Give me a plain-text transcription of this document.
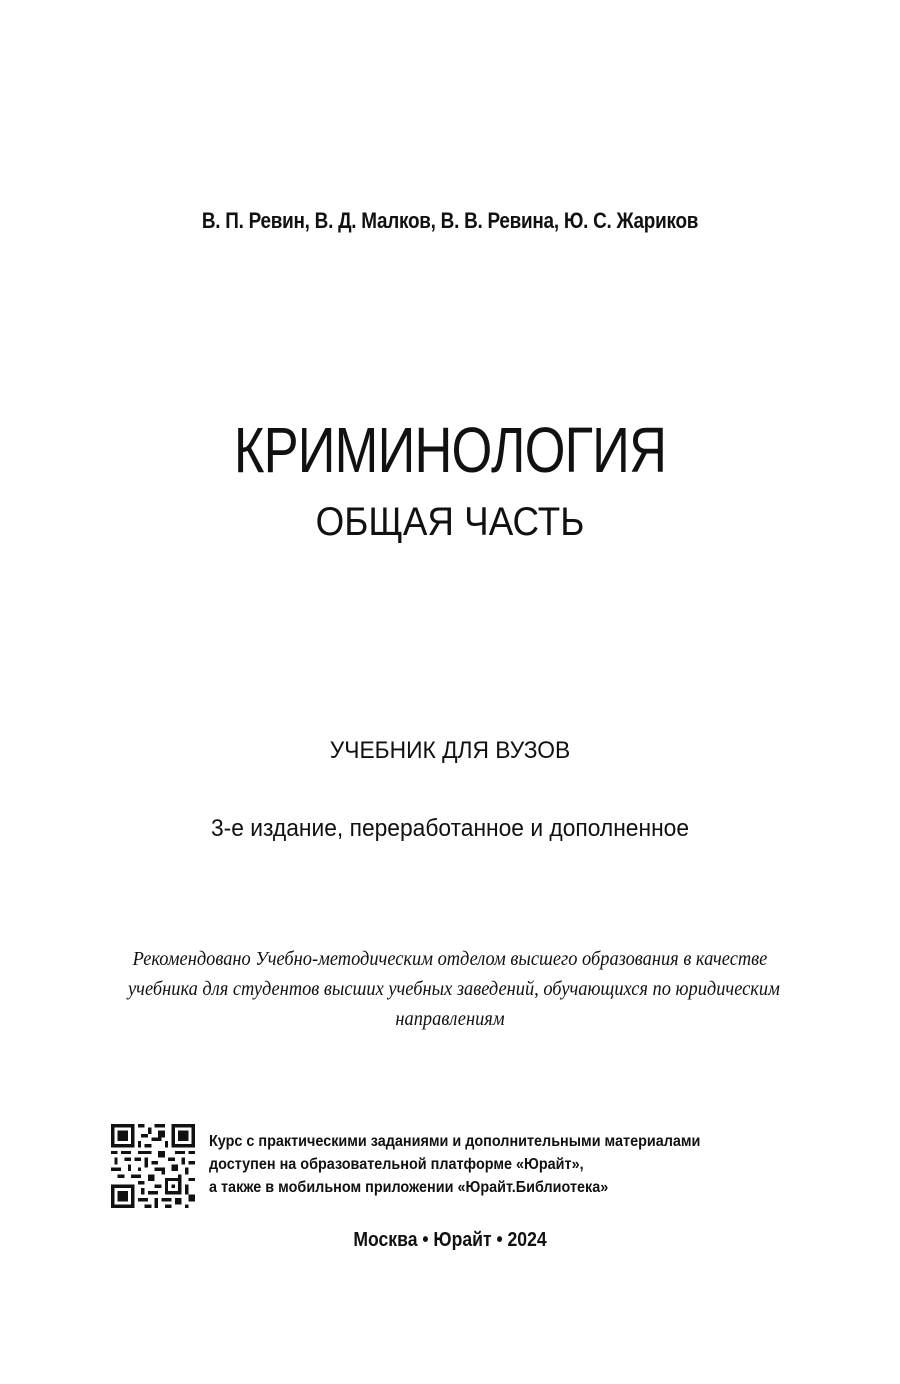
В. П. Ревин, В. Д. Малков, В. В. Ревина, Ю. С. Жариков
КРИМИНОЛОГИЯ
ОБЩАЯ ЧАСТЬ
УЧЕБНИК ДЛЯ ВУЗОВ
3-е издание, переработанное и дополненное
Рекомендовано Учебно-методическим отделом высшего образования в качестве
учебника для студентов высших учебных заведений, обучающихся по юридическим
направлениям
Курс с практическими заданиями и дополнительными материалами
доступен на образовательной платформе «Юрайт»,
а также в мобильном приложении «Юрайт.Библиотека»
Москва • Юрайт • 2024
